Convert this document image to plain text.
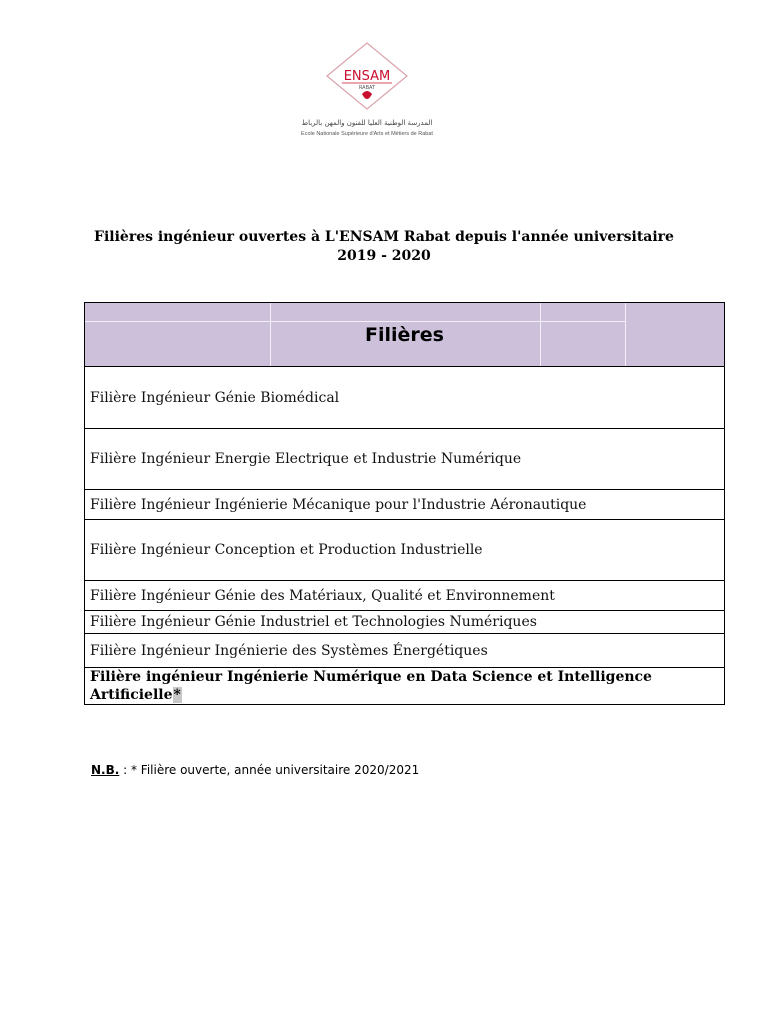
ENSAM
RABAT
المدرسة الوطنية العليا للفنون والمهن بالرباط
Ecole Nationale Supérieure d'Arts et Métiers de Rabat
Filières ingénieur ouvertes à L'ENSAM Rabat depuis l'année universitaire 2019 - 2020
Filières
Filière Ingénieur Génie Biomédical
Filière Ingénieur Energie Electrique et Industrie Numérique
Filière Ingénieur Ingénierie Mécanique pour l'Industrie Aéronautique
Filière Ingénieur Conception et Production Industrielle
Filière Ingénieur Génie des Matériaux, Qualité et Environnement
Filière Ingénieur Génie Industriel et Technologies Numériques
Filière Ingénieur Ingénierie des Systèmes Énergétiques
Filière ingénieur Ingénierie Numérique en Data Science et Intelligence Artificielle*
N.B. : * Filière ouverte, année universitaire 2020/2021
